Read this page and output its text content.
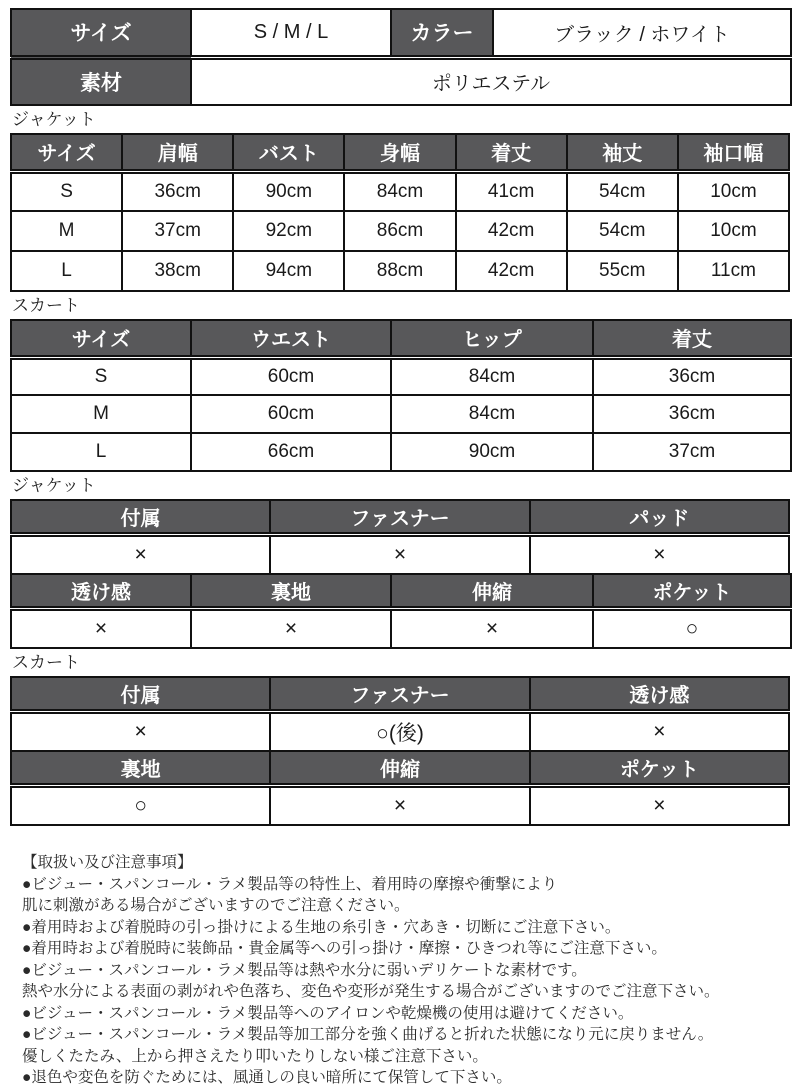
サイズ	S / M / L	カラー	ブラック / ホワイト
素材	ポリエステル		
ジャケット
サイズ	肩幅	バスト	身幅	着丈	袖丈	袖口幅
S	36cm	90cm	84cm	41cm	54cm	10cm
M	37cm	92cm	86cm	42cm	54cm	10cm
L	38cm	94cm	88cm	42cm	55cm	11cm
スカート
サイズ	ウエスト	ヒップ	着丈
S	60cm	84cm	36cm
M	60cm	84cm	36cm
L	66cm	90cm	37cm
ジャケット
付属	ファスナー	パッド
×	×	×
透け感	裏地	伸縮	ポケット
×	×	×	○
スカート
付属	ファスナー	透け感
×	○(後)	×
裏地	伸縮	ポケット
○	×	×
【取扱い及び注意事項】
●ビジュー・スパンコール・ラメ製品等の特性上、着用時の摩擦や衝撃により
肌に刺激がある場合がございますのでご注意ください。
●着用時および着脱時の引っ掛けによる生地の糸引き・穴あき・切断にご注意下さい。
●着用時および着脱時に装飾品・貴金属等への引っ掛け・摩擦・ひきつれ等にご注意下さい。
●ビジュー・スパンコール・ラメ製品等は熱や水分に弱いデリケートな素材です。
熱や水分による表面の剥がれや色落ち、変色や変形が発生する場合がございますのでご注意下さい。
●ビジュー・スパンコール・ラメ製品等へのアイロンや乾燥機の使用は避けてください。
●ビジュー・スパンコール・ラメ製品等加工部分を強く曲げると折れた状態になり元に戻りません。
優しくたたみ、上から押さえたり叩いたりしない様ご注意下さい。
●退色や変色を防ぐためには、風通しの良い暗所にて保管して下さい。
